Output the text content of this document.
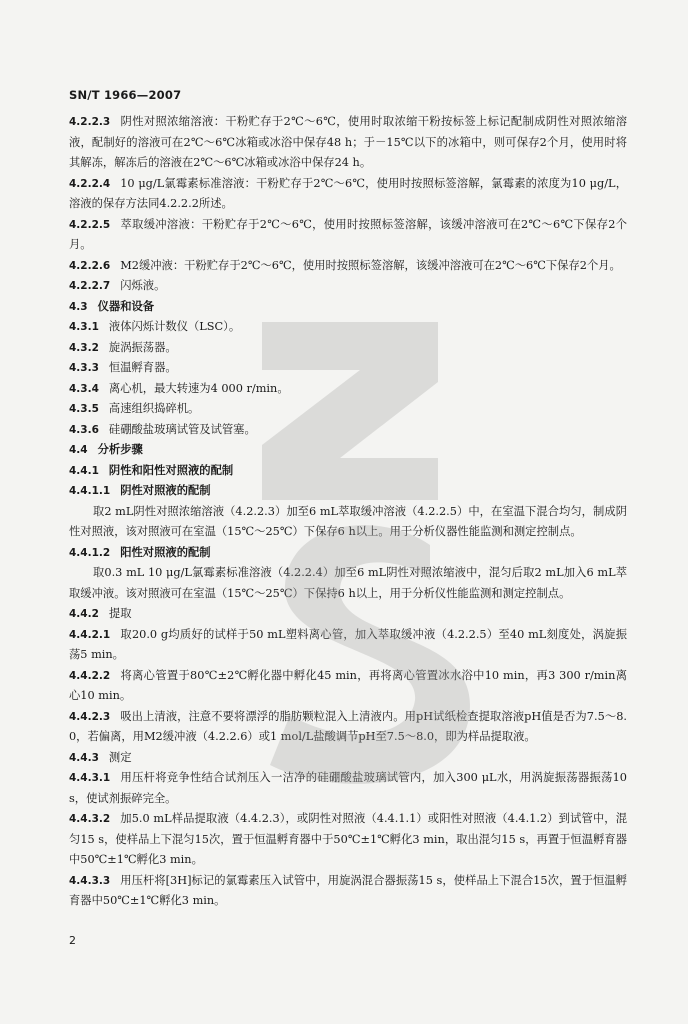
SN/T 1966—2007
4.2.2.3 阴性对照浓缩溶液：干粉贮存于2℃～6℃，使用时取浓缩干粉按标签上标记配制成阴性对照浓缩溶液，配制好的溶液可在2℃～6℃冰箱或冰浴中保存48 h；于－15℃以下的冰箱中，则可保存2个月，使用时将其解冻，解冻后的溶液在2℃～6℃冰箱或冰浴中保存24 h。
4.2.2.4 10 μg/L氯霉素标准溶液：干粉贮存于2℃～6℃，使用时按照标签溶解，氯霉素的浓度为10 μg/L，溶液的保存方法同4.2.2.2所述。
4.2.2.5 萃取缓冲溶液：干粉贮存于2℃～6℃，使用时按照标签溶解，该缓冲溶液可在2℃～6℃下保存2个月。
4.2.2.6 M2缓冲液：干粉贮存于2℃～6℃，使用时按照标签溶解，该缓冲溶液可在2℃～6℃下保存2个月。
4.2.2.7 闪烁液。
4.3 仪器和设备
4.3.1 液体闪烁计数仪（LSC）。
4.3.2 旋涡振荡器。
4.3.3 恒温孵育器。
4.3.4 离心机，最大转速为4 000 r/min。
4.3.5 高速组织捣碎机。
4.3.6 硅硼酸盐玻璃试管及试管塞。
4.4 分析步骤
4.4.1 阴性和阳性对照液的配制
4.4.1.1 阴性对照液的配制
取2 mL阴性对照浓缩溶液（4.2.2.3）加至6 mL萃取缓冲溶液（4.2.2.5）中，在室温下混合均匀，制成阴性对照液，该对照液可在室温（15℃～25℃）下保存6 h以上。用于分析仪器性能监测和测定控制点。
4.4.1.2 阳性对照液的配制
取0.3 mL 10 μg/L氯霉素标准溶液（4.2.2.4）加至6 mL阴性对照浓缩液中，混匀后取2 mL加入6 mL萃取缓冲液。该对照液可在室温（15℃～25℃）下保持6 h以上，用于分析仪性能监测和测定控制点。
4.4.2 提取
4.4.2.1 取20.0 g均质好的试样于50 mL塑料离心管，加入萃取缓冲液（4.2.2.5）至40 mL刻度处，涡旋振荡5 min。
4.4.2.2 将离心管置于80℃±2℃孵化器中孵化45 min，再将离心管置冰水浴中10 min，再3 300 r/min离心10 min。
4.4.2.3 吸出上清液，注意不要将漂浮的脂肪颗粒混入上清液内。用pH试纸检查提取溶液pH值是否为7.5～8.0，若偏离，用M2缓冲液（4.2.2.6）或1 mol/L盐酸调节pH至7.5～8.0，即为样品提取液。
4.4.3 测定
4.4.3.1 用压杆将竞争性结合试剂压入一洁净的硅硼酸盐玻璃试管内，加入300 μL水，用涡旋振荡器振荡10 s，使试剂振碎完全。
4.4.3.2 加5.0 mL样品提取液（4.4.2.3），或阴性对照液（4.4.1.1）或阳性对照液（4.4.1.2）到试管中，混匀15 s，使样品上下混匀15次，置于恒温孵育器中于50℃±1℃孵化3 min，取出混匀15 s，再置于恒温孵育器中50℃±1℃孵化3 min。
4.4.3.3 用压杆将[3H]标记的氯霉素压入试管中，用旋涡混合器振荡15 s，使样品上下混合15次，置于恒温孵育器中50℃±1℃孵化3 min。
2
